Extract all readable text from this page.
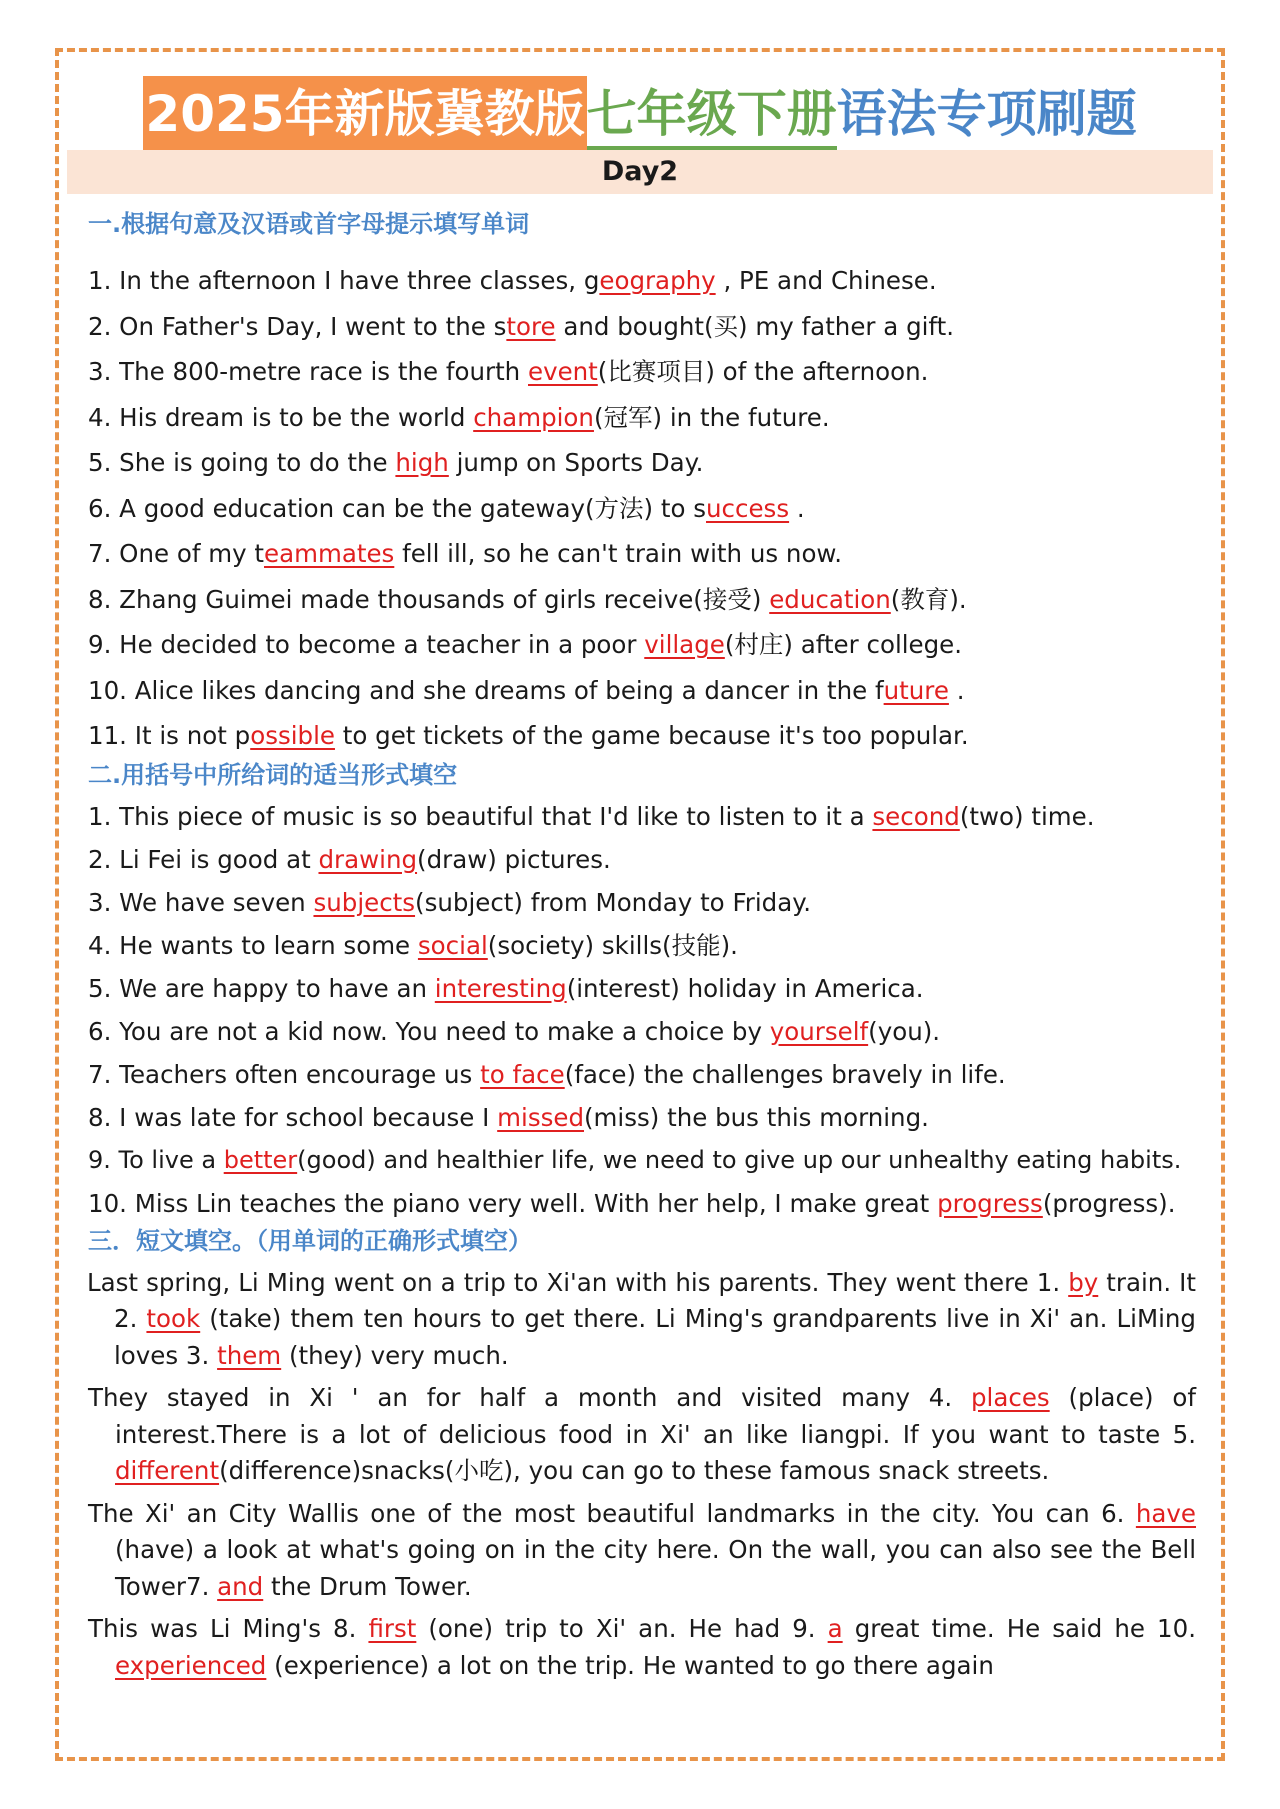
2025年新版冀教版七年级下册语法专项刷题
Day2
一.根据句意及汉语或首字母提示填写单词
1. In the afternoon I have three classes, geography , PE and Chinese.
2. On Father's Day, I went to the store and bought(买) my father a gift.
3. The 800-metre race is the fourth event(比赛项目) of the afternoon.
4. His dream is to be the world champion(冠军) in the future.
5. She is going to do the high jump on Sports Day.
6. A good education can be the gateway(方法) to success .
7. One of my teammates fell ill, so he can't train with us now.
8. Zhang Guimei made thousands of girls receive(接受) education(教育).
9. He decided to become a teacher in a poor village(村庄) after college.
10. Alice likes dancing and she dreams of being a dancer in the future .
11. It is not possible to get tickets of the game because it's too popular.
二.用括号中所给词的适当形式填空
1. This piece of music is so beautiful that I'd like to listen to it a second(two) time.
2. Li Fei is good at drawing(draw) pictures.
3. We have seven subjects(subject) from Monday to Friday.
4. He wants to learn some social(society) skills(技能).
5. We are happy to have an interesting(interest) holiday in America.
6. You are not a kid now. You need to make a choice by yourself(you).
7. Teachers often encourage us to face(face) the challenges bravely in life.
8. I was late for school because I missed(miss) the bus this morning.
9. To live a better(good) and healthier life, we need to give up our unhealthy eating habits.
10. Miss Lin teaches the piano very well. With her help, I make great progress(progress).
三．短文填空。（用单词的正确形式填空）
Last spring, Li Ming went on a trip to Xi'an with his parents. They went there 1. by train. It 2. took (take) them ten hours to get there. Li Ming's grandparents live in Xi' an. LiMing loves 3. them (they) very much.
They stayed in Xi ' an for half a month and visited many 4. places (place) of interest.There is a lot of delicious food in Xi' an like liangpi. If you want to taste 5. different(difference)snacks(小吃), you can go to these famous snack streets.
The Xi' an City Wallis one of the most beautiful landmarks in the city. You can 6. have (have) a look at what's going on in the city here. On the wall, you can also see the Bell Tower7. and the Drum Tower.
This was Li Ming's 8. first (one) trip to Xi' an. He had 9. a great time. He said he 10. experienced (experience) a lot on the trip. He wanted to go there again
